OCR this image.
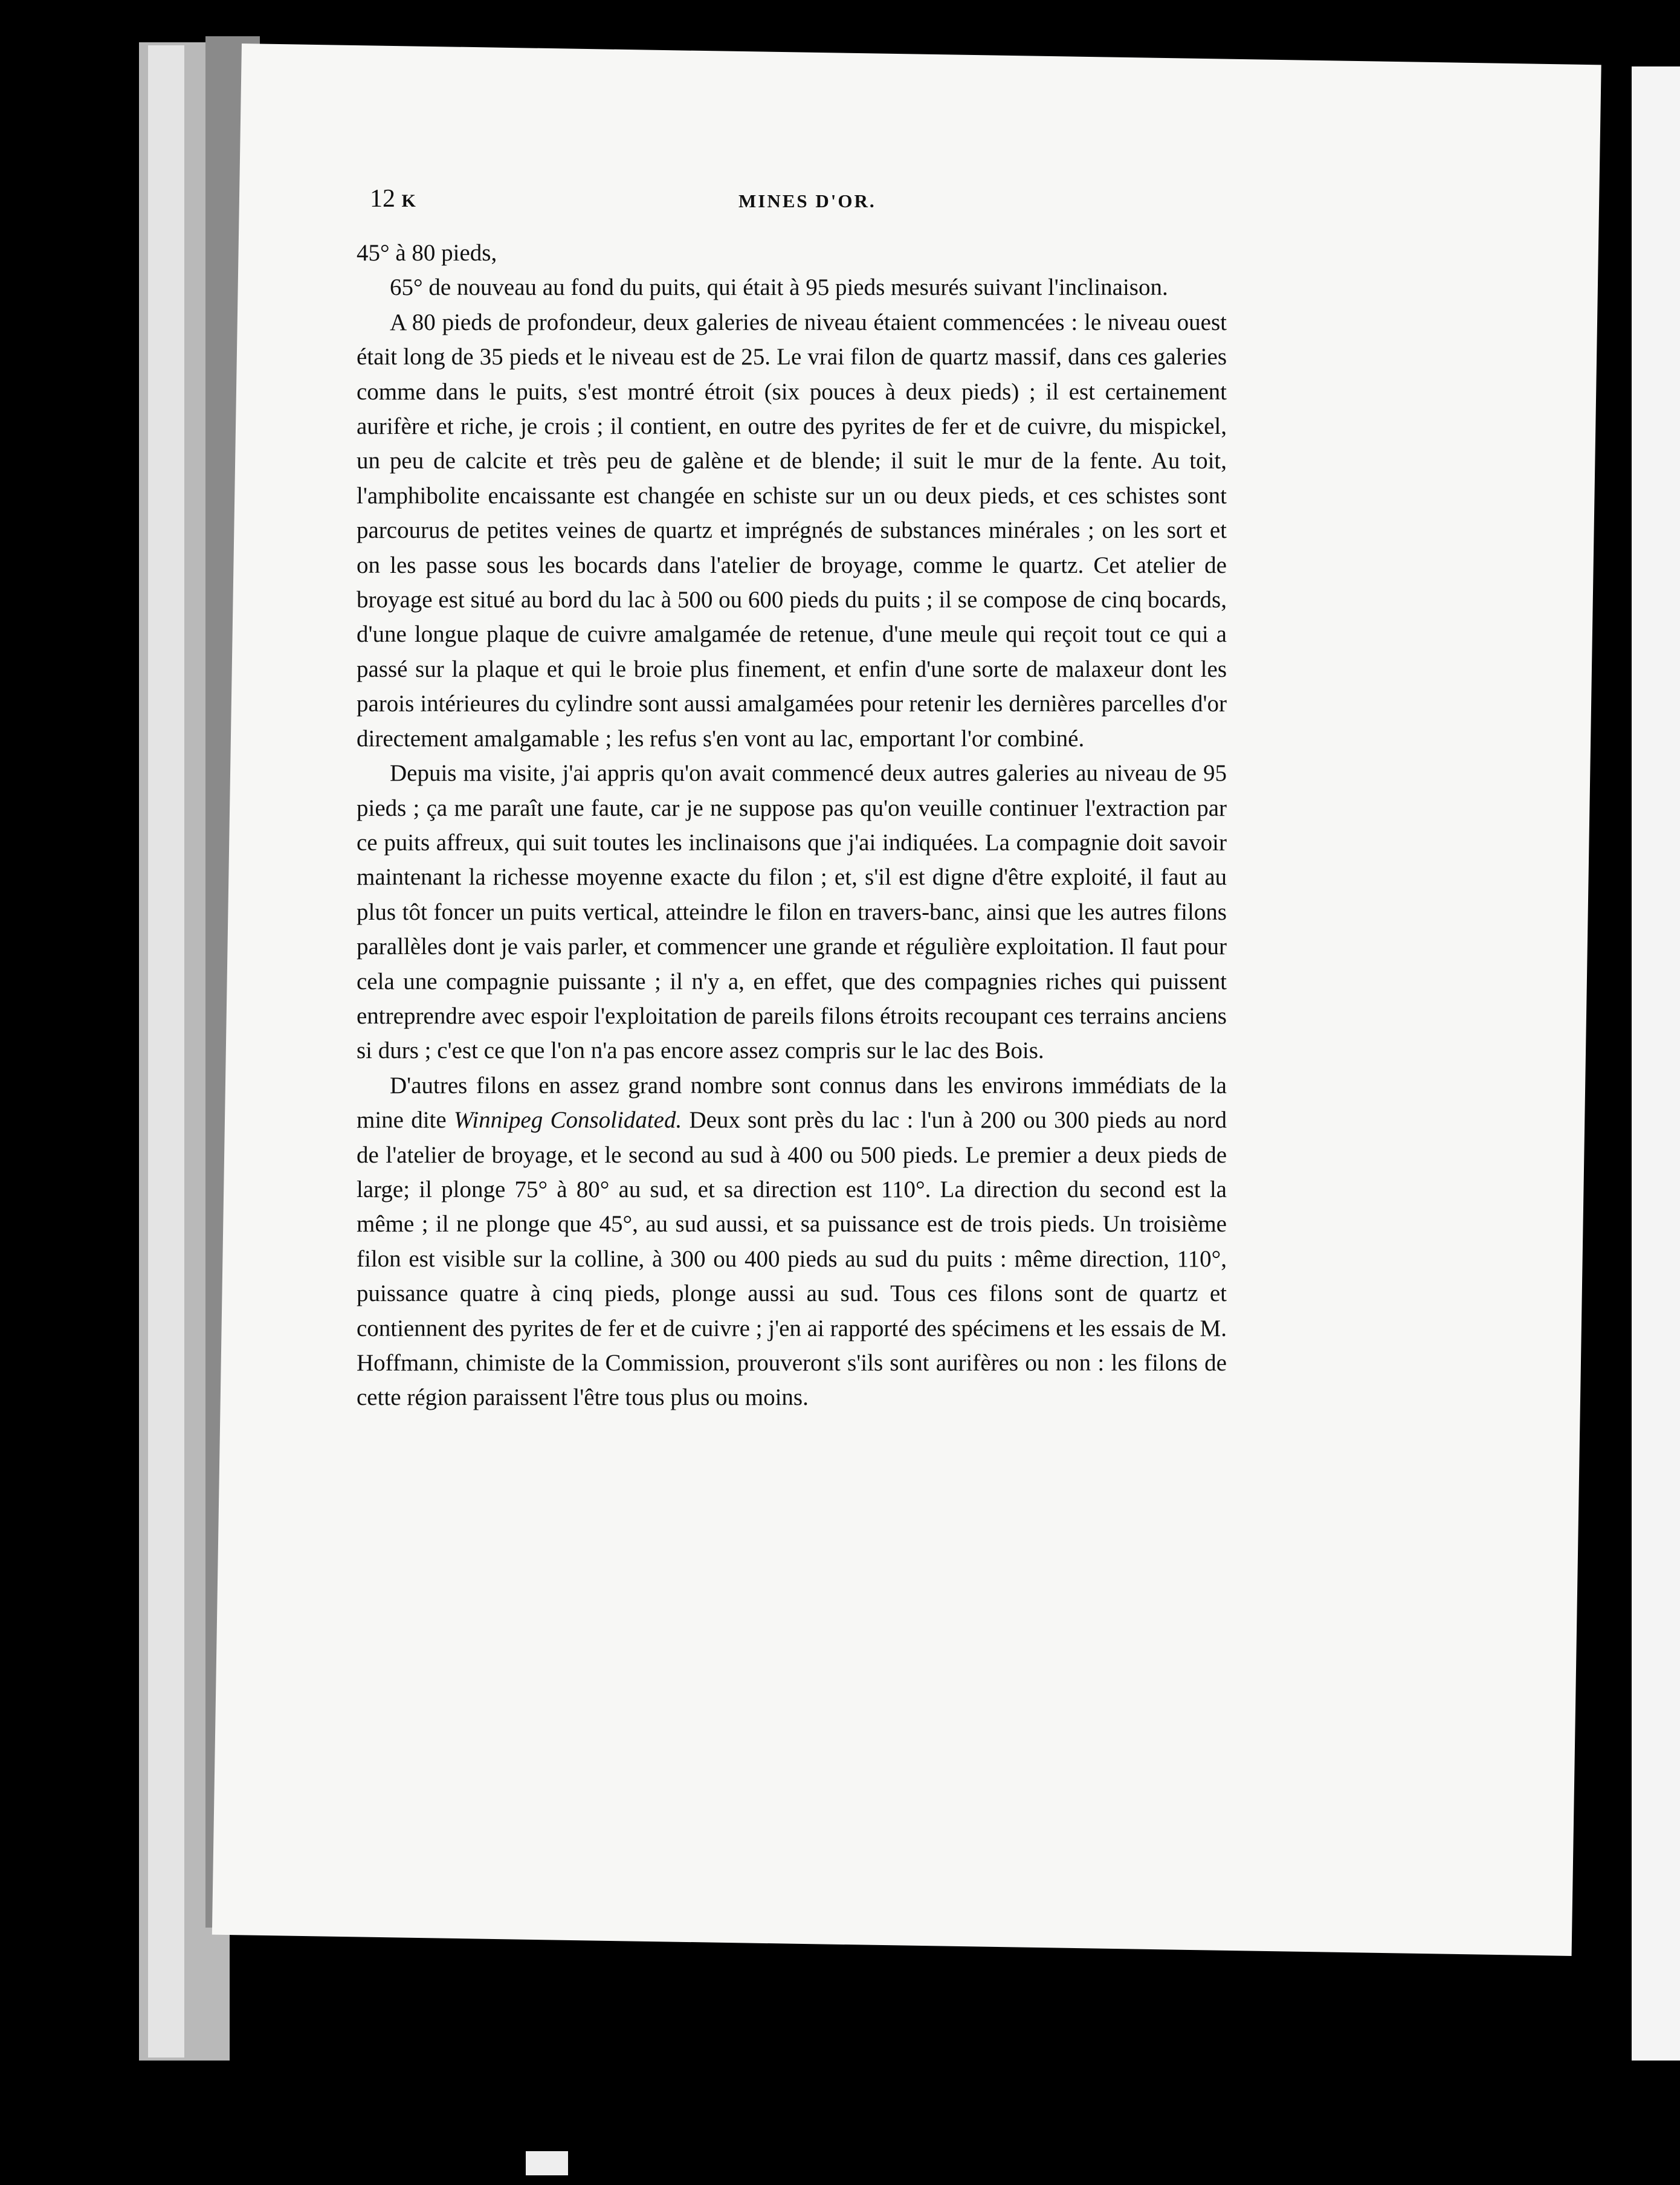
12 K	MINES D'OR.

45° à 80 pieds,

65° de nouveau au fond du puits, qui était à 95 pieds mesurés suivant l'inclinaison.

A 80 pieds de profondeur, deux galeries de niveau étaient commencées : le niveau ouest était long de 35 pieds et le niveau est de 25. Le vrai filon de quartz massif, dans ces galeries comme dans le puits, s'est montré étroit (six pouces à deux pieds) ; il est certainement aurifère et riche, je crois ; il contient, en outre des pyrites de fer et de cuivre, du mispickel, un peu de calcite et très peu de galène et de blende; il suit le mur de la fente. Au toit, l'amphibolite encaissante est changée en schiste sur un ou deux pieds, et ces schistes sont parcourus de petites veines de quartz et imprégnés de substances minérales ; on les sort et on les passe sous les bocards dans l'atelier de broyage, comme le quartz. Cet atelier de broyage est situé au bord du lac à 500 ou 600 pieds du puits ; il se compose de cinq bocards, d'une longue plaque de cuivre amalgamée de retenue, d'une meule qui reçoit tout ce qui a passé sur la plaque et qui le broie plus finement, et enfin d'une sorte de malaxeur dont les parois intérieures du cylindre sont aussi amalgamées pour retenir les dernières parcelles d'or directement amalgamable ; les refus s'en vont au lac, emportant l'or combiné.

Depuis ma visite, j'ai appris qu'on avait commencé deux autres galeries au niveau de 95 pieds ; ça me paraît une faute, car je ne suppose pas qu'on veuille continuer l'extraction par ce puits affreux, qui suit toutes les inclinaisons que j'ai indiquées. La compagnie doit savoir maintenant la richesse moyenne exacte du filon ; et, s'il est digne d'être exploité, il faut au plus tôt foncer un puits vertical, atteindre le filon en travers-banc, ainsi que les autres filons parallèles dont je vais parler, et commencer une grande et régulière exploitation. Il faut pour cela une compagnie puissante ; il n'y a, en effet, que des compagnies riches qui puissent entreprendre avec espoir l'exploitation de pareils filons étroits recoupant ces terrains anciens si durs ; c'est ce que l'on n'a pas encore assez compris sur le lac des Bois.

D'autres filons en assez grand nombre sont connus dans les environs immédiats de la mine dite Winnipeg Consolidated. Deux sont près du lac : l'un à 200 ou 300 pieds au nord de l'atelier de broyage, et le second au sud à 400 ou 500 pieds. Le premier a deux pieds de large; il plonge 75° à 80° au sud, et sa direction est 110°. La direction du second est la même ; il ne plonge que 45°, au sud aussi, et sa puissance est de trois pieds. Un troisième filon est visible sur la colline, à 300 ou 400 pieds au sud du puits : même direction, 110°, puissance quatre à cinq pieds, plonge aussi au sud. Tous ces filons sont de quartz et contiennent des pyrites de fer et de cuivre ; j'en ai rapporté des spécimens et les essais de M. Hoffmann, chimiste de la Commission, prouveront s'ils sont aurifères ou non : les filons de cette région paraissent l'être tous plus ou moins.
